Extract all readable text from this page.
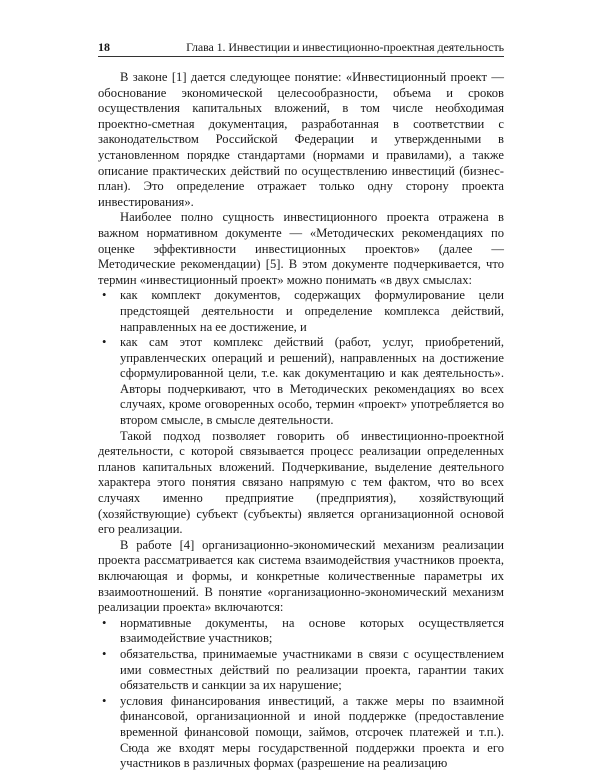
18	Глава 1. Инвестиции и инвестиционно-проектная деятельность

В законе [1] дается следующее понятие: «Инвестиционный проект — обоснование экономической целесообразности, объема и сроков осуществления капитальных вложений, в том числе необходимая проектно-сметная документация, разработанная в соответствии с законодательством Российской Федерации и утвержденными в установленном порядке стандартами (нормами и правилами), а также описание практических действий по осуществлению инвестиций (бизнес-план). Это определение отражает только одну сторону проекта инвестирования».

Наиболее полно сущность инвестиционного проекта отражена в важном нормативном документе — «Методических рекомендациях по оценке эффективности инвестиционных проектов» (далее — Методические рекомендации) [5]. В этом документе подчеркивается, что термин «инвестиционный проект» можно понимать «в двух смыслах:

• как комплект документов, содержащих формулирование цели предстоящей деятельности и определение комплекса действий, направленных на ее достижение, и
• как сам этот комплекс действий (работ, услуг, приобретений, управленческих операций и решений), направленных на достижение сформулированной цели, т.е. как документацию и как деятельность». Авторы подчеркивают, что в Методических рекомендациях во всех случаях, кроме оговоренных особо, термин «проект» употребляется во втором смысле, в смысле деятельности.

Такой подход позволяет говорить об инвестиционно-проектной деятельности, с которой связывается процесс реализации определенных планов капитальных вложений. Подчеркивание, выделение деятельного характера этого понятия связано напрямую с тем фактом, что во всех случаях именно предприятие (предприятия), хозяйствующий (хозяйствующие) субъект (субъекты) является организационной основой его реализации.

В работе [4] организационно-экономический механизм реализации проекта рассматривается как система взаимодействия участников проекта, включающая и формы, и конкретные количественные параметры их взаимоотношений. В понятие «организационно-экономический механизм реализации проекта» включаются:

• нормативные документы, на основе которых осуществляется взаимодействие участников;
• обязательства, принимаемые участниками в связи с осуществлением ими совместных действий по реализации проекта, гарантии таких обязательств и санкции за их нарушение;
• условия финансирования инвестиций, а также меры по взаимной финансовой, организационной и иной поддержке (предоставление временной финансовой помощи, займов, отсрочек платежей и т.п.). Сюда же входят меры государственной поддержки проекта и его участников в различных формах (разрешение на реализацию
